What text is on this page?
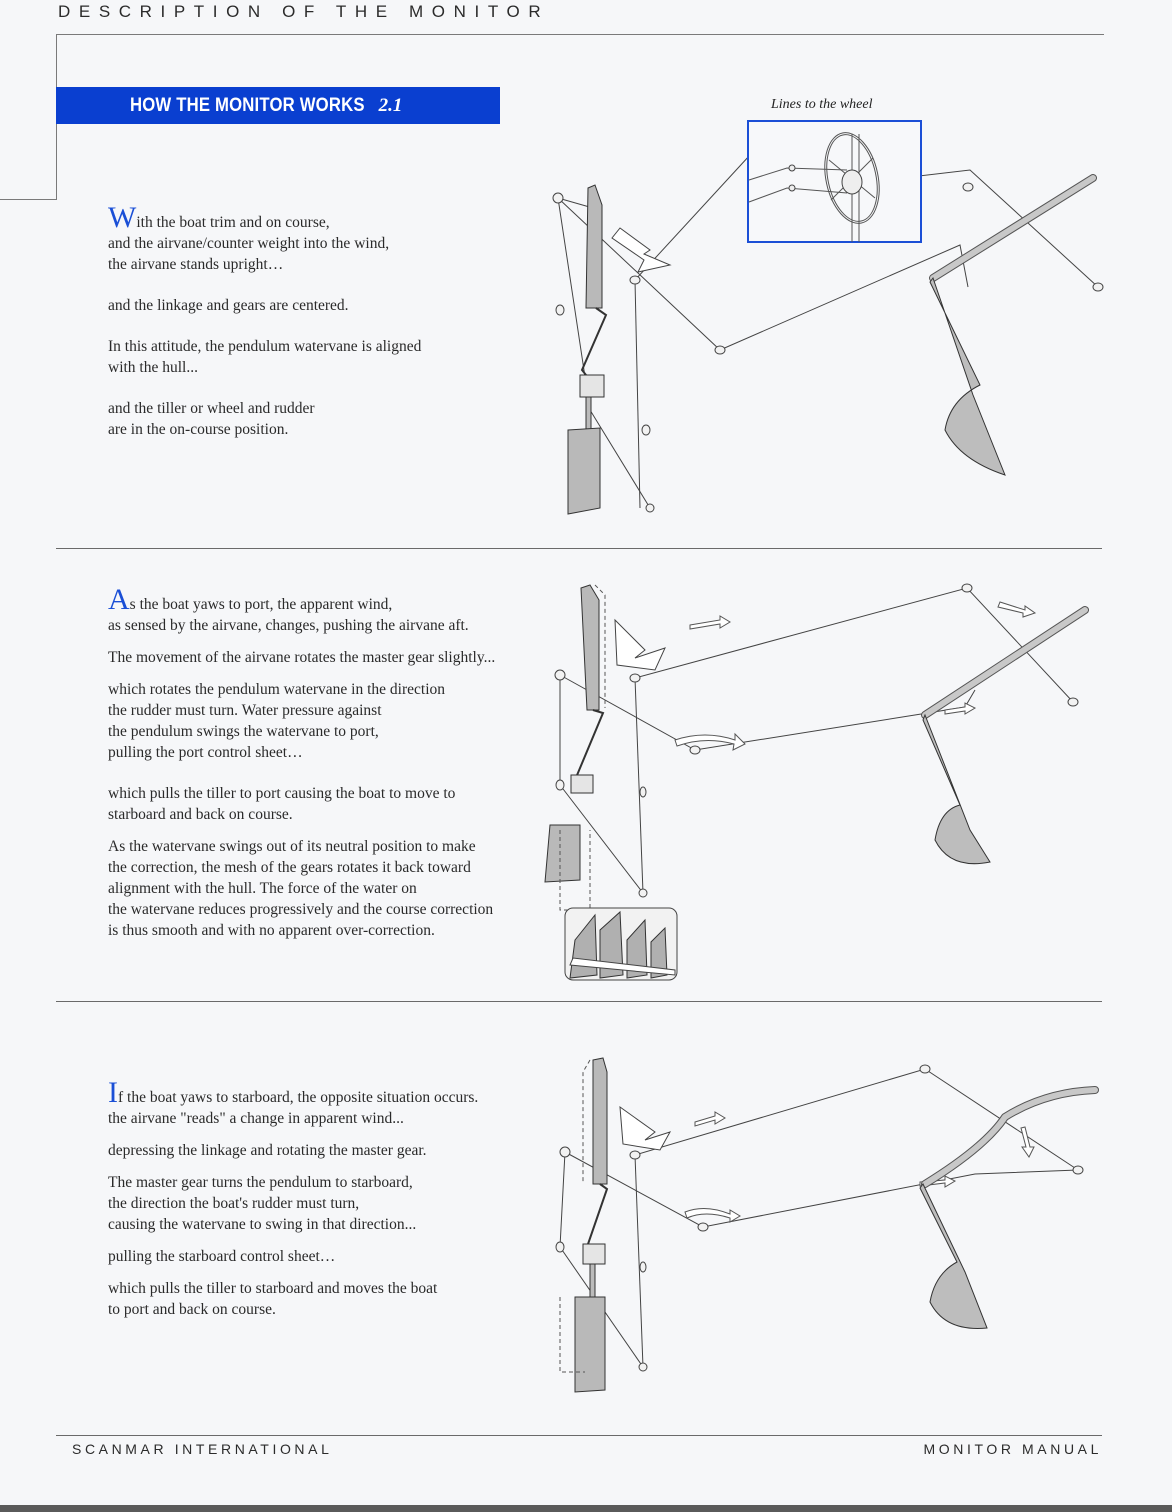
DESCRIPTION OF THE MONITOR
HOW THE MONITOR WORKS 2.1	Lines to the wheel

With the boat trim and on course,
and the airvane/counter weight into the wind,
the airvane stands upright…

and the linkage and gears are centered.

In this attitude, the pendulum watervane is aligned
with the hull...

and the tiller or wheel and rudder
are in the on-course position.

As the boat yaws to port, the apparent wind,
as sensed by the airvane, changes, pushing the airvane aft.

The movement of the airvane rotates the master gear slightly...

which rotates the pendulum watervane in the direction
the rudder must turn. Water pressure against
the pendulum swings the watervane to port,
pulling the port control sheet…

which pulls the tiller to port causing the boat to move to
starboard and back on course.

As the watervane swings out of its neutral position to make
the correction, the mesh of the gears rotates it back toward
alignment with the hull. The force of the water on
the watervane reduces progressively and the course correction
is thus smooth and with no apparent over-correction.

If the boat yaws to starboard, the opposite situation occurs.
the airvane "reads" a change in apparent wind...

depressing the linkage and rotating the master gear.

The master gear turns the pendulum to starboard,
the direction the boat's rudder must turn,
causing the watervane to swing in that direction...

pulling the starboard control sheet…

which pulls the tiller to starboard and moves the boat
to port and back on course.

SCANMAR INTERNATIONAL	MONITOR MANUAL
